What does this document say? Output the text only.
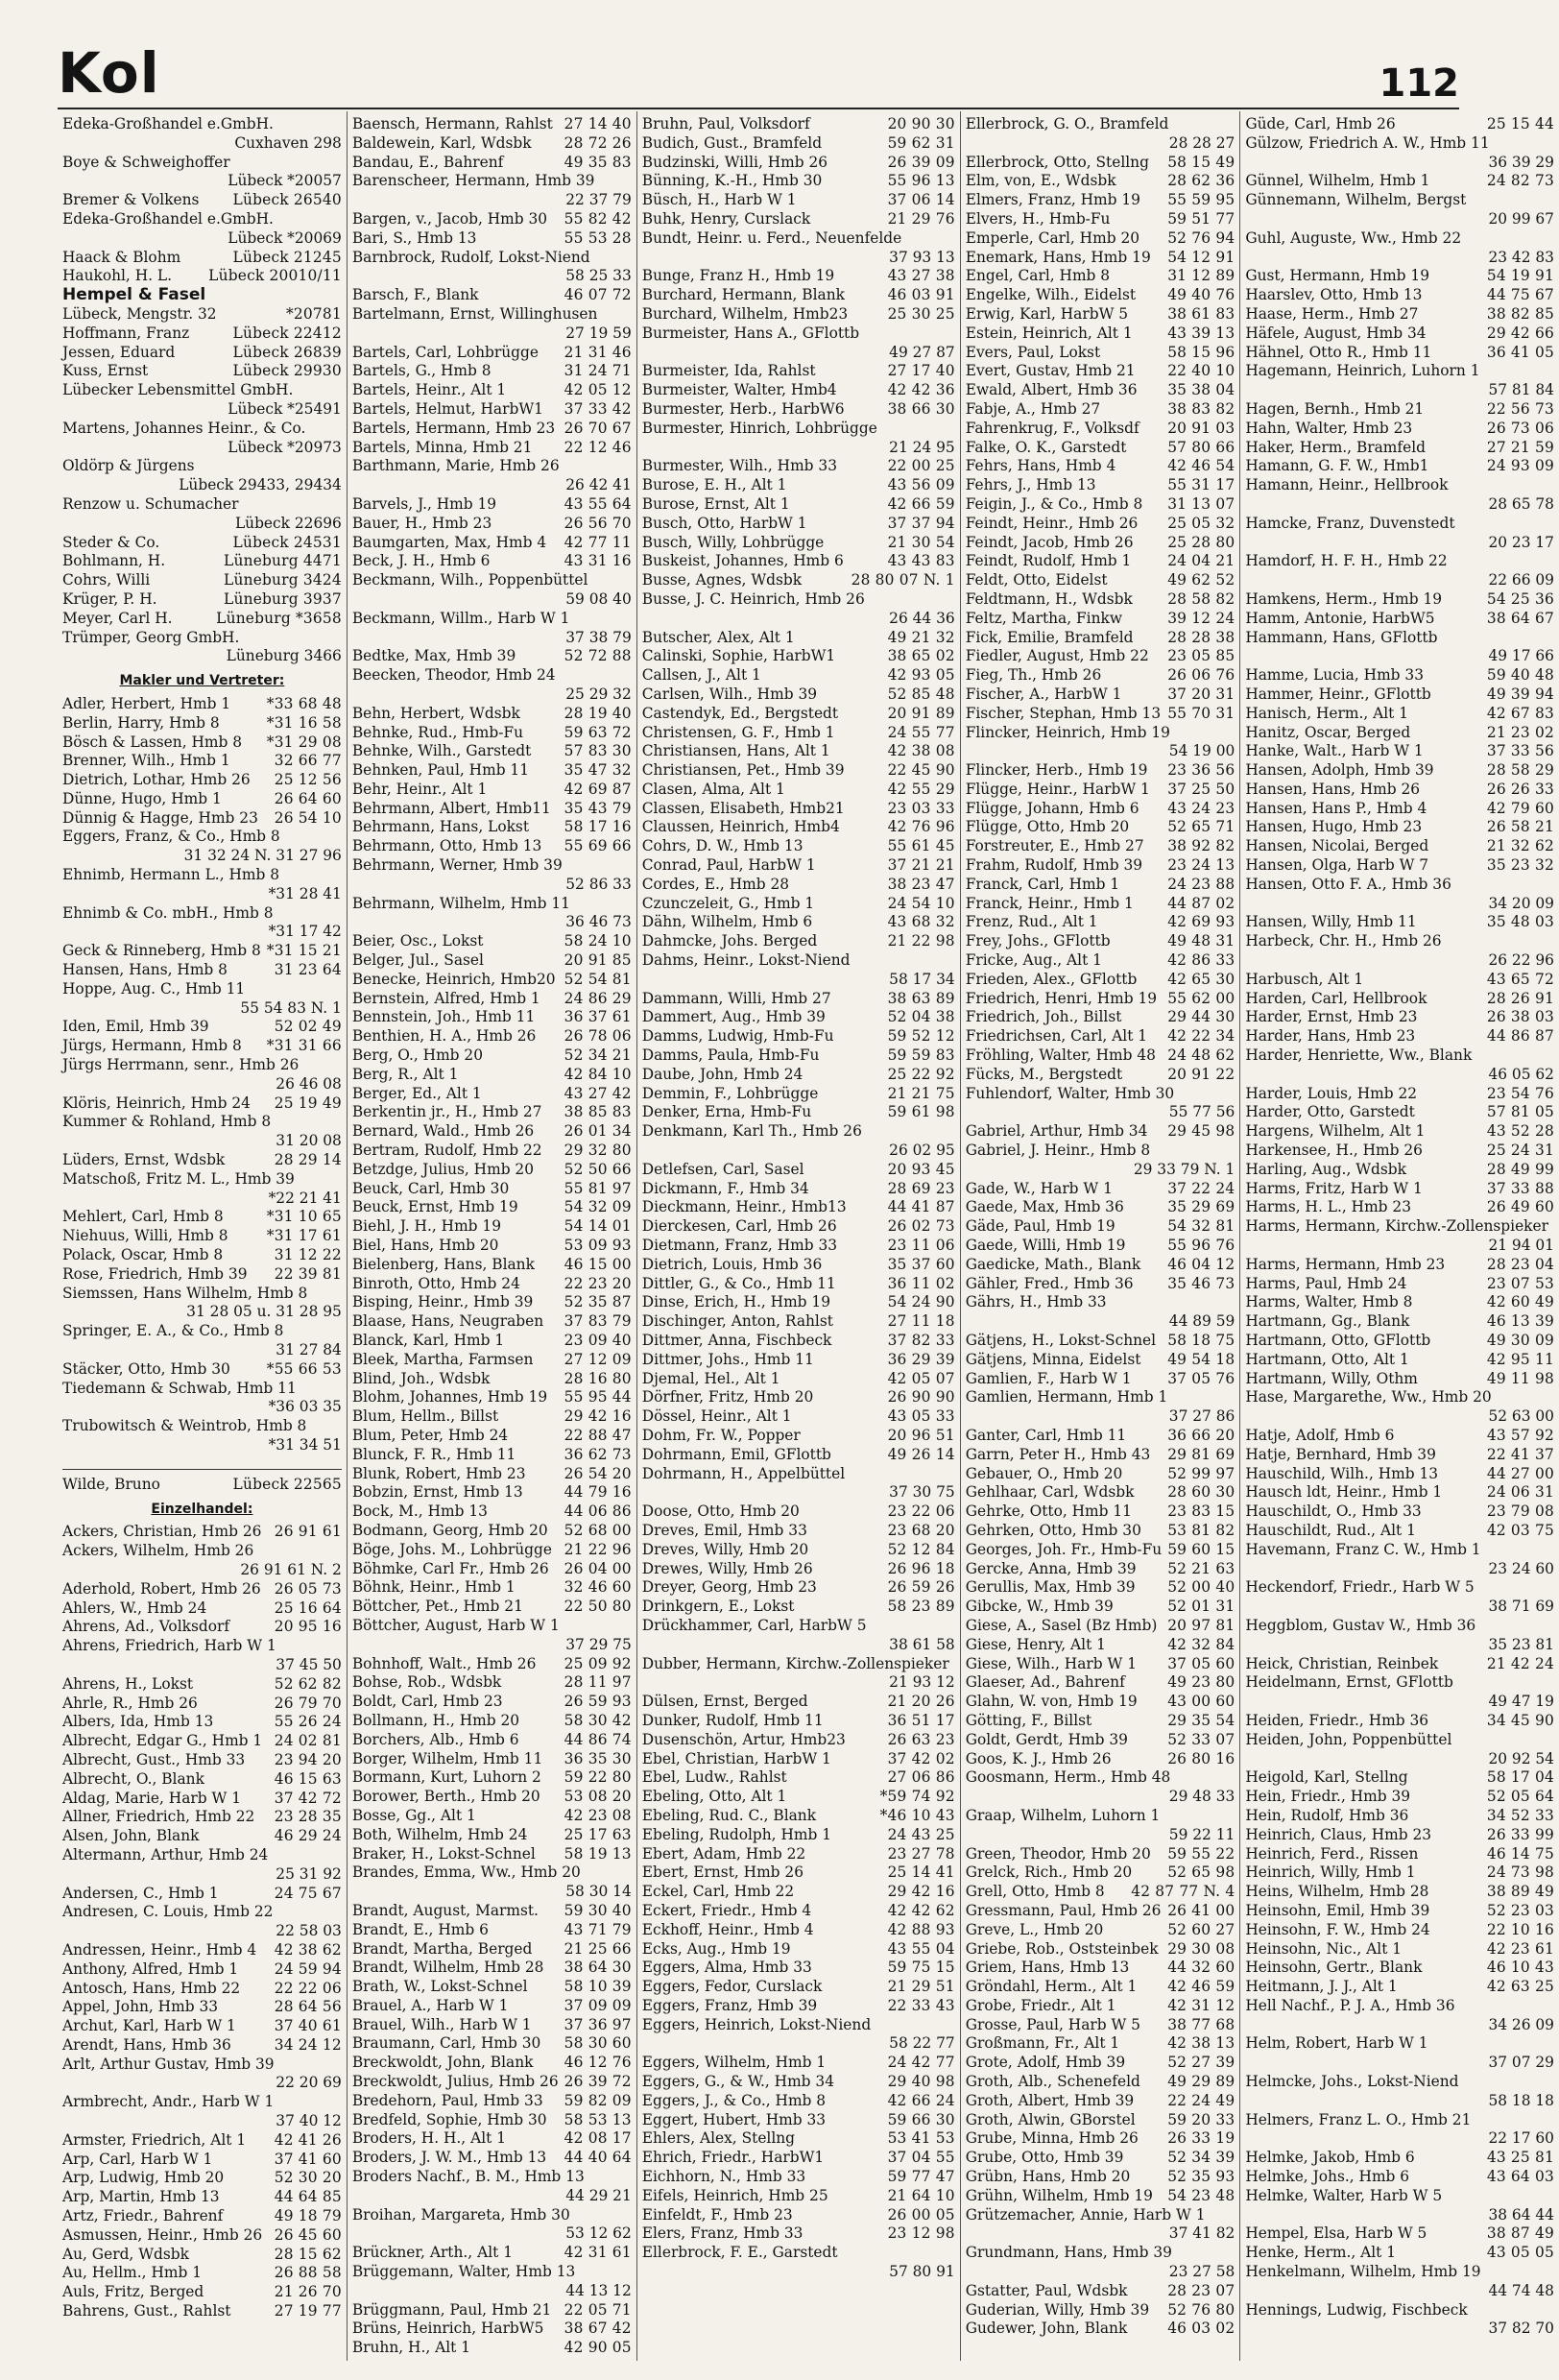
Kol	112
Edeka-Großhandel e.GmbH.
Cuxhaven 298
Boye & Schweighoffer
Lübeck *20057
Bremer & Volkens	Lübeck 26540
Edeka-Großhandel e.GmbH.
Lübeck *20069
Haack & Blohm	Lübeck 21245
Haukohl, H. L.	Lübeck 20010/11
Hempel & Fasel
Lübeck, Mengstr. 32	*20781
Hoffmann, Franz	Lübeck 22412
Jessen, Eduard	Lübeck 26839
Kuss, Ernst	Lübeck 29930
Lübecker Lebensmittel GmbH.
Lübeck *25491
Martens, Johannes Heinr., & Co.
Lübeck *20973
Oldörp & Jürgens
Lübeck 29433, 29434
Renzow u. Schumacher
Lübeck 22696
Steder & Co.	Lübeck 24531
Bohlmann, H.	Lüneburg 4471
Cohrs, Willi	Lüneburg 3424
Krüger, P. H.	Lüneburg 3937
Meyer, Carl H.	Lüneburg *3658
Trümper, Georg GmbH.
Lüneburg 3466
Makler und Vertreter:
Adler, Herbert, Hmb 1	*33 68 48
Berlin, Harry, Hmb 8	*31 16 58
Bösch & Lassen, Hmb 8	*31 29 08
Brenner, Wilh., Hmb 1	32 66 77
Dietrich, Lothar, Hmb 26	25 12 56
Dünne, Hugo, Hmb 1	26 64 60
Dünnig & Hagge, Hmb 23	26 54 10
Eggers, Franz, & Co., Hmb 8
31 32 24 N. 31 27 96
Ehnimb, Hermann L., Hmb 8
*31 28 41
Ehnimb & Co. mbH., Hmb 8
*31 17 42
Geck & Rinneberg, Hmb 8 *31 15 21
Hansen, Hans, Hmb 8	31 23 64
Hoppe, Aug. C., Hmb 11
55 54 83 N. 1
Iden, Emil, Hmb 39	52 02 49
Jürgs, Hermann, Hmb 8	*31 31 66
Jürgs Herrmann, senr., Hmb 26
26 46 08
Klöris, Heinrich, Hmb 24	25 19 49
Kummer & Rohland, Hmb 8
31 20 08
Lüders, Ernst, Wdsbk	28 29 14
Matschoß, Fritz M. L., Hmb 39
*22 21 41
Mehlert, Carl, Hmb 8	*31 10 65
Niehuus, Willi, Hmb 8	*31 17 61
Polack, Oscar, Hmb 8	31 12 22
Rose, Friedrich, Hmb 39	22 39 81
Siemssen, Hans Wilhelm, Hmb 8
31 28 05 u. 31 28 95
Springer, E. A., & Co., Hmb 8
31 27 84
Stäcker, Otto, Hmb 30	*55 66 53
Tiedemann & Schwab, Hmb 11
*36 03 35
Trubowitsch & Weintrob, Hmb 8
*31 34 51
Wilde, Bruno	Lübeck 22565
Einzelhandel:
Ackers, Christian, Hmb 26 26 91 61
Ackers, Wilhelm, Hmb 26
26 91 61 N. 2
Aderhold, Robert, Hmb 26 26 05 73
Ahlers, W., Hmb 24	25 16 64
Ahrens, Ad., Volksdorf	20 95 16
Ahrens, Friedrich, Harb W 1
37 45 50
Ahrens, H., Lokst	52 62 82
Ahrle, R., Hmb 26	26 79 70
Albers, Ida, Hmb 13	55 26 24
Albrecht, Edgar G., Hmb 1 24 02 81
Albrecht, Gust., Hmb 33	23 94 20
Albrecht, O., Blank	46 15 63
Aldag, Marie, Harb W 1	37 42 72
Allner, Friedrich, Hmb 22	23 28 35
Alsen, John, Blank	46 29 24
Altermann, Arthur, Hmb 24
25 31 92
Andersen, C., Hmb 1	24 75 67
Andresen, C. Louis, Hmb 22
22 58 03
Andressen, Heinr., Hmb 4	42 38 62
Anthony, Alfred, Hmb 1	24 59 94
Antosch, Hans, Hmb 22	22 22 06
Appel, John, Hmb 33	28 64 56
Archut, Karl, Harb W 1	37 40 61
Arendt, Hans, Hmb 36	34 24 12
Arlt, Arthur Gustav, Hmb 39
22 20 69
Armbrecht, Andr., Harb W 1
37 40 12
Armster, Friedrich, Alt 1	42 41 26
Arp, Carl, Harb W 1	37 41 60
Arp, Ludwig, Hmb 20	52 30 20
Arp, Martin, Hmb 13	44 64 85
Artz, Friedr., Bahrenf	49 18 79
Asmussen, Heinr., Hmb 26 26 45 60
Au, Gerd, Wdsbk	28 15 62
Au, Hellm., Hmb 1	26 88 58
Auls, Fritz, Berged	21 26 70
Bahrens, Gust., Rahlst	27 19 77
Baensch, Hermann, Rahlst 27 14 40
Baldewein, Karl, Wdsbk	28 72 26
Bandau, E., Bahrenf	49 35 83
Barenscheer, Hermann, Hmb 39
22 37 79
Bargen, v., Jacob, Hmb 30	55 82 42
Bari, S., Hmb 13	55 53 28
Barnbrock, Rudolf, Lokst-Niend
58 25 33
Barsch, F., Blank	46 07 72
Bartelmann, Ernst, Willinghusen
27 19 59
Bartels, Carl, Lohbrügge	21 31 46
Bartels, G., Hmb 8	31 24 71
Bartels, Heinr., Alt 1	42 05 12
Bartels, Helmut, HarbW1	37 33 42
Bartels, Hermann, Hmb 23 26 70 67
Bartels, Minna, Hmb 21	22 12 46
Barthmann, Marie, Hmb 26
26 42 41
Barvels, J., Hmb 19	43 55 64
Bauer, H., Hmb 23	26 56 70
Baumgarten, Max, Hmb 4	42 77 11
Beck, J. H., Hmb 6	43 31 16
Beckmann, Wilh., Poppenbüttel
59 08 40
Beckmann, Willm., Harb W 1
37 38 79
Bedtke, Max, Hmb 39	52 72 88
Beecken, Theodor, Hmb 24
25 29 32
Behn, Herbert, Wdsbk	28 19 40
Behnke, Rud., Hmb-Fu	59 63 72
Behnke, Wilh., Garstedt	57 83 30
Behnken, Paul, Hmb 11	35 47 32
Behr, Heinr., Alt 1	42 69 87
Behrmann, Albert, Hmb11 35 43 79
Behrmann, Hans, Lokst	58 17 16
Behrmann, Otto, Hmb 13	55 69 66
Behrmann, Werner, Hmb 39
52 86 33
Behrmann, Wilhelm, Hmb 11
36 46 73
Beier, Osc., Lokst	58 24 10
Belger, Jul., Sasel	20 91 85
Benecke, Heinrich, Hmb20 52 54 81
Bernstein, Alfred, Hmb 1	24 86 29
Bennstein, Joh., Hmb 11	36 37 61
Benthien, H. A., Hmb 26	26 78 06
Berg, O., Hmb 20	52 34 21
Berg, R., Alt 1	42 84 10
Berger, Ed., Alt 1	43 27 42
Berkentin jr., H., Hmb 27	38 85 83
Bernard, Wald., Hmb 26	26 01 34
Bertram, Rudolf, Hmb 22	29 32 80
Betzdge, Julius, Hmb 20	52 50 66
Beuck, Carl, Hmb 30	55 81 97
Beuck, Ernst, Hmb 19	54 32 09
Biehl, J. H., Hmb 19	54 14 01
Biel, Hans, Hmb 20	53 09 93
Bielenberg, Hans, Blank	46 15 00
Binroth, Otto, Hmb 24	22 23 20
Bisping, Heinr., Hmb 39	52 35 87
Blaase, Hans, Neugraben	37 83 79
Blanck, Karl, Hmb 1	23 09 40
Bleek, Martha, Farmsen	27 12 09
Blind, Joh., Wdsbk	28 16 80
Blohm, Johannes, Hmb 19	55 95 44
Blum, Hellm., Billst	29 42 16
Blum, Peter, Hmb 24	22 88 47
Blunck, F. R., Hmb 11	36 62 73
Blunk, Robert, Hmb 23	26 54 20
Bobzin, Ernst, Hmb 13	44 79 16
Bock, M., Hmb 13	44 06 86
Bodmann, Georg, Hmb 20	52 68 00
Böge, Johs. M., Lohbrügge 21 22 96
Böhmke, Carl Fr., Hmb 26	26 04 00
Böhnk, Heinr., Hmb 1	32 46 60
Böttcher, Pet., Hmb 21	22 50 80
Böttcher, August, Harb W 1
37 29 75
Bohnhoff, Walt., Hmb 26	25 09 92
Bohse, Rob., Wdsbk	28 11 97
Boldt, Carl, Hmb 23	26 59 93
Bollmann, H., Hmb 20	58 30 42
Borchers, Alb., Hmb 6	44 86 74
Borger, Wilhelm, Hmb 11	36 35 30
Bormann, Kurt, Luhorn 2	59 22 80
Borower, Berth., Hmb 20	53 08 20
Bosse, Gg., Alt 1	42 23 08
Both, Wilhelm, Hmb 24	25 17 63
Braker, H., Lokst-Schnel	58 19 13
Brandes, Emma, Ww., Hmb 20
58 30 14
Brandt, August, Marmst.	59 30 40
Brandt, E., Hmb 6	43 71 79
Brandt, Martha, Berged	21 25 66
Brandt, Wilhelm, Hmb 28	38 64 30
Brath, W., Lokst-Schnel	58 10 39
Brauel, A., Harb W 1	37 09 09
Brauel, Wilh., Harb W 1	37 36 97
Braumann, Carl, Hmb 30	58 30 60
Breckwoldt, John, Blank	46 12 76
Breckwoldt, Julius, Hmb 26 26 39 72
Bredehorn, Paul, Hmb 33	59 82 09
Bredfeld, Sophie, Hmb 30	58 53 13
Broders, H. H., Alt 1	42 08 17
Broders, J. W. M., Hmb 13	44 40 64
Broders Nachf., B. M., Hmb 13
44 29 21
Broihan, Margareta, Hmb 30
53 12 62
Brückner, Arth., Alt 1	42 31 61
Brüggemann, Walter, Hmb 13
44 13 12
Brüggmann, Paul, Hmb 21 22 05 71
Brüns, Heinrich, HarbW5	38 67 42
Bruhn, H., Alt 1	42 90 05
Bruhn, Paul, Volksdorf	20 90 30
Budich, Gust., Bramfeld	59 62 31
Budzinski, Willi, Hmb 26	26 39 09
Bünning, K.-H., Hmb 30	55 96 13
Büsch, H., Harb W 1	37 06 14
Buhk, Henry, Curslack	21 29 76
Bundt, Heinr. u. Ferd., Neuenfelde
37 93 13
Bunge, Franz H., Hmb 19	43 27 38
Burchard, Hermann, Blank	46 03 91
Burchard, Wilhelm, Hmb23	25 30 25
Burmeister, Hans A., GFlottb
49 27 87
Burmeister, Ida, Rahlst	27 17 40
Burmeister, Walter, Hmb4	42 42 36
Burmester, Herb., HarbW6	38 66 30
Burmester, Hinrich, Lohbrügge
21 24 95
Burmester, Wilh., Hmb 33	22 00 25
Burose, E. H., Alt 1	43 56 09
Burose, Ernst, Alt 1	42 66 59
Busch, Otto, HarbW 1	37 37 94
Busch, Willy, Lohbrügge	21 30 54
Buskeist, Johannes, Hmb 6	43 43 83
Busse, Agnes, Wdsbk	28 80 07 N. 1
Busse, J. C. Heinrich, Hmb 26
26 44 36
Butscher, Alex, Alt 1	49 21 32
Calinski, Sophie, HarbW1	38 65 02
Callsen, J., Alt 1	42 93 05
Carlsen, Wilh., Hmb 39	52 85 48
Castendyk, Ed., Bergstedt	20 91 89
Christensen, G. F., Hmb 1	24 55 77
Christiansen, Hans, Alt 1	42 38 08
Christiansen, Pet., Hmb 39	22 45 90
Clasen, Alma, Alt 1	42 55 29
Classen, Elisabeth, Hmb21	23 03 33
Claussen, Heinrich, Hmb4	42 76 96
Cohrs, D. W., Hmb 13	55 61 45
Conrad, Paul, HarbW 1	37 21 21
Cordes, E., Hmb 28	38 23 47
Czunczeleit, G., Hmb 1	24 54 10
Dähn, Wilhelm, Hmb 6	43 68 32
Dahmcke, Johs. Berged	21 22 98
Dahms, Heinr., Lokst-Niend
58 17 34
Dammann, Willi, Hmb 27	38 63 89
Dammert, Aug., Hmb 39	52 04 38
Damms, Ludwig, Hmb-Fu	59 52 12
Damms, Paula, Hmb-Fu	59 59 83
Daube, John, Hmb 24	25 22 92
Demmin, F., Lohbrügge	21 21 75
Denker, Erna, Hmb-Fu	59 61 98
Denkmann, Karl Th., Hmb 26
26 02 95
Detlefsen, Carl, Sasel	20 93 45
Dickmann, F., Hmb 34	28 69 23
Dieckmann, Heinr., Hmb13	44 41 87
Dierckesen, Carl, Hmb 26	26 02 73
Dietmann, Franz, Hmb 33	23 11 06
Dietrich, Louis, Hmb 36	35 37 60
Dittler, G., & Co., Hmb 11	36 11 02
Dinse, Erich, H., Hmb 19	54 24 90
Dischinger, Anton, Rahlst	27 11 18
Dittmer, Anna, Fischbeck	37 82 33
Dittmer, Johs., Hmb 11	36 29 39
Djemal, Hel., Alt 1	42 05 07
Dörfner, Fritz, Hmb 20	26 90 90
Dössel, Heinr., Alt 1	43 05 33
Dohm, Fr. W., Popper	20 96 51
Dohrmann, Emil, GFlottb	49 26 14
Dohrmann, H., Appelbüttel
37 30 75
Doose, Otto, Hmb 20	23 22 06
Dreves, Emil, Hmb 33	23 68 20
Dreves, Willy, Hmb 20	52 12 84
Drewes, Willy, Hmb 26	26 96 18
Dreyer, Georg, Hmb 23	26 59 26
Drinkgern, E., Lokst	58 23 89
Drückhammer, Carl, HarbW 5
38 61 58
Dubber, Hermann, Kirchw.-Zollenspieker
21 93 12
Dülsen, Ernst, Berged	21 20 26
Dunker, Rudolf, Hmb 11	36 51 17
Dusenschön, Artur, Hmb23	26 63 23
Ebel, Christian, HarbW 1	37 42 02
Ebel, Ludw., Rahlst	27 06 86
Ebeling, Otto, Alt 1	*59 74 92
Ebeling, Rud. C., Blank	*46 10 43
Ebeling, Rudolph, Hmb 1	24 43 25
Ebert, Adam, Hmb 22	23 27 78
Ebert, Ernst, Hmb 26	25 14 41
Eckel, Carl, Hmb 22	29 42 16
Eckert, Friedr., Hmb 4	42 42 62
Eckhoff, Heinr., Hmb 4	42 88 93
Ecks, Aug., Hmb 19	43 55 04
Eggers, Alma, Hmb 33	59 75 15
Eggers, Fedor, Curslack	21 29 51
Eggers, Franz, Hmb 39	22 33 43
Eggers, Heinrich, Lokst-Niend
58 22 77
Eggers, Wilhelm, Hmb 1	24 42 77
Eggers, G., & W., Hmb 34	29 40 98
Eggers, J., & Co., Hmb 8	42 66 24
Eggert, Hubert, Hmb 33	59 66 30
Ehlers, Alex, Stellng	53 41 53
Ehrich, Friedr., HarbW1	37 04 55
Eichhorn, N., Hmb 33	59 77 47
Eifels, Heinrich, Hmb 25	21 64 10
Einfeldt, F., Hmb 23	26 00 05
Elers, Franz, Hmb 33	23 12 98
Ellerbrock, F. E., Garstedt
57 80 91
Ellerbrock, G. O., Bramfeld
28 28 27
Ellerbrock, Otto, Stellng	58 15 49
Elm, von, E., Wdsbk	28 62 36
Elmers, Franz, Hmb 19	55 59 95
Elvers, H., Hmb-Fu	59 51 77
Emperle, Carl, Hmb 20	52 76 94
Enemark, Hans, Hmb 19	54 12 91
Engel, Carl, Hmb 8	31 12 89
Engelke, Wilh., Eidelst	49 40 76
Erwig, Karl, HarbW 5	38 61 83
Estein, Heinrich, Alt 1	43 39 13
Evers, Paul, Lokst	58 15 96
Evert, Gustav, Hmb 21	22 40 10
Ewald, Albert, Hmb 36	35 38 04
Fabje, A., Hmb 27	38 83 82
Fahrenkrug, F., Volksdf	20 91 03
Falke, O. K., Garstedt	57 80 66
Fehrs, Hans, Hmb 4	42 46 54
Fehrs, J., Hmb 13	55 31 17
Feigin, J., & Co., Hmb 8	31 13 07
Feindt, Heinr., Hmb 26	25 05 32
Feindt, Jacob, Hmb 26	25 28 80
Feindt, Rudolf, Hmb 1	24 04 21
Feldt, Otto, Eidelst	49 62 52
Feldtmann, H., Wdsbk	28 58 82
Feltz, Martha, Finkw	39 12 24
Fick, Emilie, Bramfeld	28 28 38
Fiedler, August, Hmb 22	23 05 85
Fieg, Th., Hmb 26	26 06 76
Fischer, A., HarbW 1	37 20 31
Fischer, Stephan, Hmb 13 55 70 31
Flincker, Heinrich, Hmb 19
54 19 00
Flincker, Herb., Hmb 19	23 36 56
Flügge, Heinr., HarbW 1	37 25 50
Flügge, Johann, Hmb 6	43 24 23
Flügge, Otto, Hmb 20	52 65 71
Forstreuter, E., Hmb 27	38 92 82
Frahm, Rudolf, Hmb 39	23 24 13
Franck, Carl, Hmb 1	24 23 88
Franck, Heinr., Hmb 1	44 87 02
Frenz, Rud., Alt 1	42 69 93
Frey, Johs., GFlottb	49 48 31
Fricke, Aug., Alt 1	42 86 33
Frieden, Alex., GFlottb	42 65 30
Friedrich, Henri, Hmb 19 55 62 00
Friedrich, Joh., Billst	29 44 30
Friedrichsen, Carl, Alt 1	42 22 34
Fröhling, Walter, Hmb 48 24 48 62
Fücks, M., Bergstedt	20 91 22
Fuhlendorf, Walter, Hmb 30
55 77 56
Gabriel, Arthur, Hmb 34	29 45 98
Gabriel, J. Heinr., Hmb 8
29 33 79 N. 1
Gade, W., Harb W 1	37 22 24
Gaede, Max, Hmb 36	35 29 69
Gäde, Paul, Hmb 19	54 32 81
Gaede, Willi, Hmb 19	55 96 76
Gaedicke, Math., Blank	46 04 12
Gähler, Fred., Hmb 36	35 46 73
Gährs, H., Hmb 33
44 89 59
Gätjens, H., Lokst-Schnel 58 18 75
Gätjens, Minna, Eidelst	49 54 18
Gamlien, F., Harb W 1	37 05 76
Gamlien, Hermann, Hmb 1
37 27 86
Ganter, Carl, Hmb 11	36 66 20
Garrn, Peter H., Hmb 43	29 81 69
Gebauer, O., Hmb 20	52 99 97
Gehlhaar, Carl, Wdsbk	28 60 30
Gehrke, Otto, Hmb 11	23 83 15
Gehrken, Otto, Hmb 30	53 81 82
Georges, Joh. Fr., Hmb-Fu 59 60 15
Gercke, Anna, Hmb 39	52 21 63
Gerullis, Max, Hmb 39	52 00 40
Gibcke, W., Hmb 39	52 01 31
Giese, A., Sasel (Bz Hmb) 20 97 81
Giese, Henry, Alt 1	42 32 84
Giese, Wilh., Harb W 1	37 05 60
Glaeser, Ad., Bahrenf	49 23 80
Glahn, W. von, Hmb 19	43 00 60
Götting, F., Billst	29 35 54
Goldt, Gerdt, Hmb 39	52 33 07
Goos, K. J., Hmb 26	26 80 16
Goosmann, Herm., Hmb 48
29 48 33
Graap, Wilhelm, Luhorn 1
59 22 11
Green, Theodor, Hmb 20	59 55 22
Grelck, Rich., Hmb 20	52 65 98
Grell, Otto, Hmb 8	42 87 77 N. 4
Gressmann, Paul, Hmb 26 26 41 00
Greve, L., Hmb 20	52 60 27
Griebe, Rob., Oststeinbek 29 30 08
Griem, Hans, Hmb 13	44 32 60
Gröndahl, Herm., Alt 1	42 46 59
Grobe, Friedr., Alt 1	42 31 12
Grosse, Paul, Harb W 5	38 77 68
Großmann, Fr., Alt 1	42 38 13
Grote, Adolf, Hmb 39	52 27 39
Groth, Alb., Schenefeld	49 29 89
Groth, Albert, Hmb 39	22 24 49
Groth, Alwin, GBorstel	59 20 33
Grube, Minna, Hmb 26	26 33 19
Grube, Otto, Hmb 39	52 34 39
Grübn, Hans, Hmb 20	52 35 93
Grühn, Wilhelm, Hmb 19 54 23 48
Grützemacher, Annie, Harb W 1
37 41 82
Grundmann, Hans, Hmb 39
23 27 58
Gstatter, Paul, Wdsbk	28 23 07
Guderian, Willy, Hmb 39	52 76 80
Gudewer, John, Blank	46 03 02
Güde, Carl, Hmb 26	25 15 44
Gülzow, Friedrich A. W., Hmb 11
36 39 29
Günnel, Wilhelm, Hmb 1	24 82 73
Günnemann, Wilhelm, Bergst
20 99 67
Guhl, Auguste, Ww., Hmb 22
23 42 83
Gust, Hermann, Hmb 19	54 19 91
Haarslev, Otto, Hmb 13	44 75 67
Haase, Herm., Hmb 27	38 82 85
Häfele, August, Hmb 34	29 42 66
Hähnel, Otto R., Hmb 11	36 41 05
Hagemann, Heinrich, Luhorn 1
57 81 84
Hagen, Bernh., Hmb 21	22 56 73
Hahn, Walter, Hmb 23	26 73 06
Haker, Herm., Bramfeld	27 21 59
Hamann, G. F. W., Hmb1	24 93 09
Hamann, Heinr., Hellbrook
28 65 78
Hamcke, Franz, Duvenstedt
20 23 17
Hamdorf, H. F. H., Hmb 22
22 66 09
Hamkens, Herm., Hmb 19	54 25 36
Hamm, Antonie, HarbW5	38 64 67
Hammann, Hans, GFlottb
49 17 66
Hamme, Lucia, Hmb 33	59 40 48
Hammer, Heinr., GFlottb	49 39 94
Hanisch, Herm., Alt 1	42 67 83
Hanitz, Oscar, Berged	21 23 02
Hanke, Walt., Harb W 1	37 33 56
Hansen, Adolph, Hmb 39	28 58 29
Hansen, Hans, Hmb 26	26 26 33
Hansen, Hans P., Hmb 4	42 79 60
Hansen, Hugo, Hmb 23	26 58 21
Hansen, Nicolai, Berged	21 32 62
Hansen, Olga, Harb W 7	35 23 32
Hansen, Otto F. A., Hmb 36
34 20 09
Hansen, Willy, Hmb 11	35 48 03
Harbeck, Chr. H., Hmb 26
26 22 96
Harbusch, Alt 1	43 65 72
Harden, Carl, Hellbrook	28 26 91
Harder, Ernst, Hmb 23	26 38 03
Harder, Hans, Hmb 23	44 86 87
Harder, Henriette, Ww., Blank
46 05 62
Harder, Louis, Hmb 22	23 54 76
Harder, Otto, Garstedt	57 81 05
Hargens, Wilhelm, Alt 1	43 52 28
Harkensee, H., Hmb 26	25 24 31
Harling, Aug., Wdsbk	28 49 99
Harms, Fritz, Harb W 1	37 33 88
Harms, H. L., Hmb 23	26 49 60
Harms, Hermann, Kirchw.-Zollenspieker
21 94 01
Harms, Hermann, Hmb 23	28 23 04
Harms, Paul, Hmb 24	23 07 53
Harms, Walter, Hmb 8	42 60 49
Hartmann, Gg., Blank	46 13 39
Hartmann, Otto, GFlottb	49 30 09
Hartmann, Otto, Alt 1	42 95 11
Hartmann, Willy, Othm	49 11 98
Hase, Margarethe, Ww., Hmb 20
52 63 00
Hatje, Adolf, Hmb 6	43 57 92
Hatje, Bernhard, Hmb 39	22 41 37
Hauschild, Wilh., Hmb 13	44 27 00
Hausch ldt, Heinr., Hmb 1	24 06 31
Hauschildt, O., Hmb 33	23 79 08
Hauschildt, Rud., Alt 1	42 03 75
Havemann, Franz C. W., Hmb 1
23 24 60
Heckendorf, Friedr., Harb W 5
38 71 69
Heggblom, Gustav W., Hmb 36
35 23 81
Heick, Christian, Reinbek	21 42 24
Heidelmann, Ernst, GFlottb
49 47 19
Heiden, Friedr., Hmb 36	34 45 90
Heiden, John, Poppenbüttel
20 92 54
Heigold, Karl, Stellng	58 17 04
Hein, Friedr., Hmb 39	52 05 64
Hein, Rudolf, Hmb 36	34 52 33
Heinrich, Claus, Hmb 23	26 33 99
Heinrich, Ferd., Rissen	46 14 75
Heinrich, Willy, Hmb 1	24 73 98
Heins, Wilhelm, Hmb 28	38 89 49
Heinsohn, Emil, Hmb 39	52 23 03
Heinsohn, F. W., Hmb 24	22 10 16
Heinsohn, Nic., Alt 1	42 23 61
Heinsohn, Gertr., Blank	46 10 43
Heitmann, J. J., Alt 1	42 63 25
Hell Nachf., P. J. A., Hmb 36
34 26 09
Helm, Robert, Harb W 1
37 07 29
Helmcke, Johs., Lokst-Niend
58 18 18
Helmers, Franz L. O., Hmb 21
22 17 60
Helmke, Jakob, Hmb 6	43 25 81
Helmke, Johs., Hmb 6	43 64 03
Helmke, Walter, Harb W 5
38 64 44
Hempel, Elsa, Harb W 5	38 87 49
Henke, Herm., Alt 1	43 05 05
Henkelmann, Wilhelm, Hmb 19
44 74 48
Hennings, Ludwig, Fischbeck
37 82 70
